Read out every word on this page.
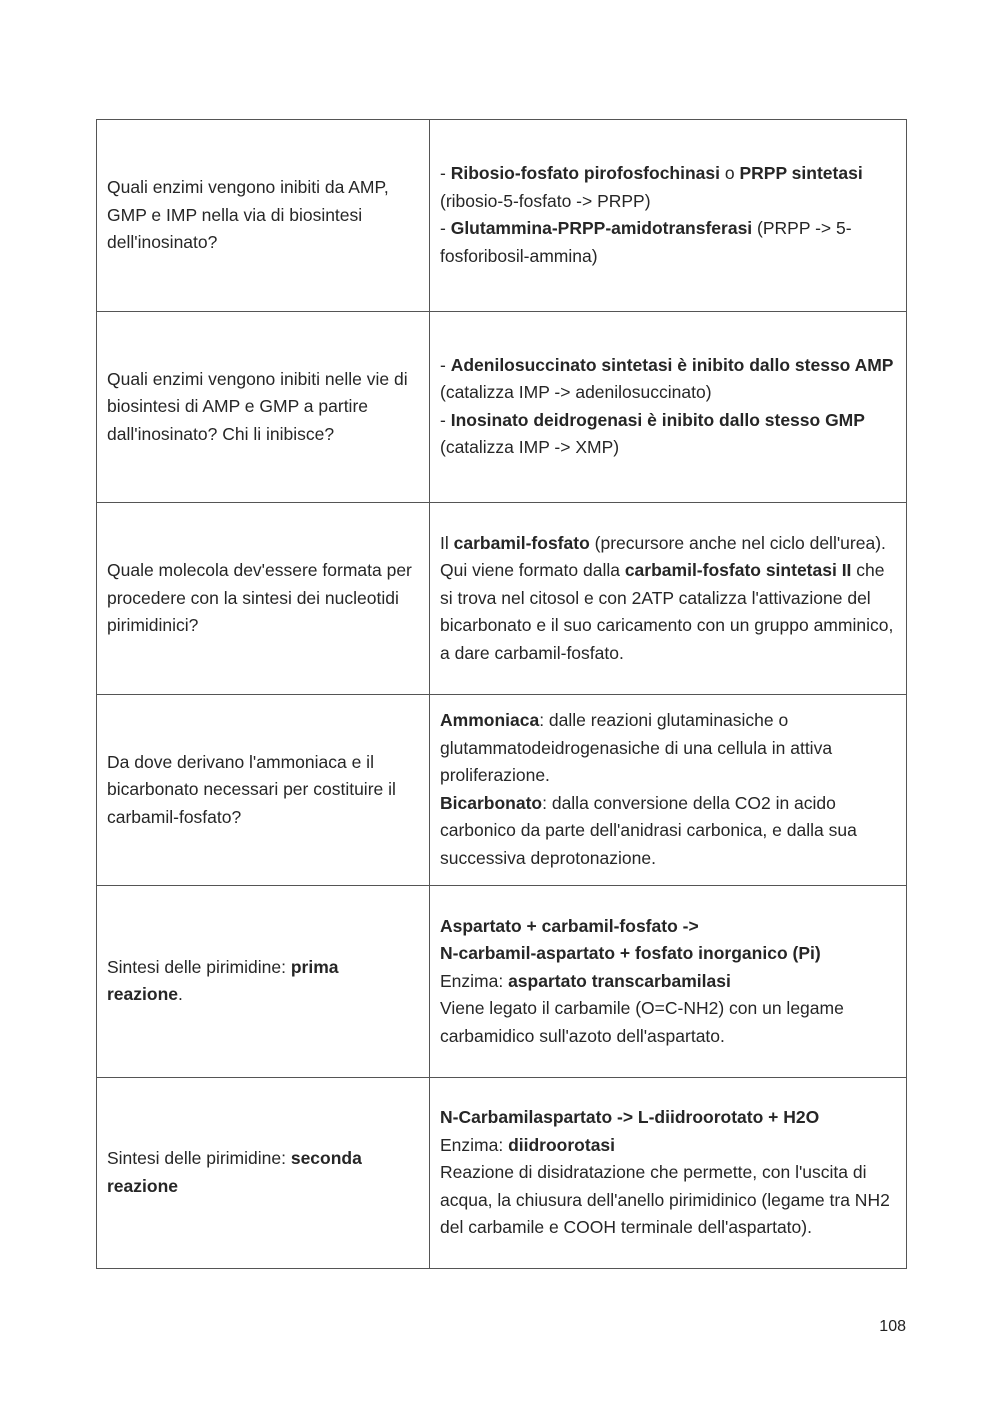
Quali enzimi vengono inibiti da AMP, GMP e IMP nella via di biosintesi dell'inosinato?	- Ribosio-fosfato pirofosfochinasi o PRPP sintetasi (ribosio-5-fosfato -> PRPP)
- Glutammina-PRPP-amidotransferasi (PRPP -> 5-fosforibosil-ammina)

Quali enzimi vengono inibiti nelle vie di biosintesi di AMP e GMP a partire dall'inosinato? Chi li inibisce?	- Adenilosuccinato sintetasi è inibito dallo stesso AMP (catalizza IMP -> adenilosuccinato)
- Inosinato deidrogenasi è inibito dallo stesso GMP (catalizza IMP -> XMP)

Quale molecola dev'essere formata per procedere con la sintesi dei nucleotidi pirimidinici?	Il carbamil-fosfato (precursore anche nel ciclo dell'urea). Qui viene formato dalla carbamil-fosfato sintetasi II che si trova nel citosol e con 2ATP catalizza l'attivazione del bicarbonato e il suo caricamento con un gruppo amminico, a dare carbamil-fosfato.

Da dove derivano l'ammoniaca e il bicarbonato necessari per costituire il carbamil-fosfato?	Ammoniaca: dalle reazioni glutaminasiche o glutammatodeidrogenasiche di una cellula in attiva proliferazione.
Bicarbonato: dalla conversione della CO2 in acido carbonico da parte dell'anidrasi carbonica, e dalla sua successiva deprotonazione.

Sintesi delle pirimidine: prima reazione.	Aspartato + carbamil-fosfato ->
N-carbamil-aspartato + fosfato inorganico (Pi)
Enzima: aspartato transcarbamilasi
Viene legato il carbamile (O=C-NH2) con un legame carbamidico sull'azoto dell'aspartato.

Sintesi delle pirimidine: seconda reazione	N-Carbamilaspartato -> L-diidroorotato + H2O
Enzima: diidroorotasi
Reazione di disidratazione che permette, con l'uscita di acqua, la chiusura dell'anello pirimidinico (legame tra NH2 del carbamile e COOH terminale dell'aspartato).
108
